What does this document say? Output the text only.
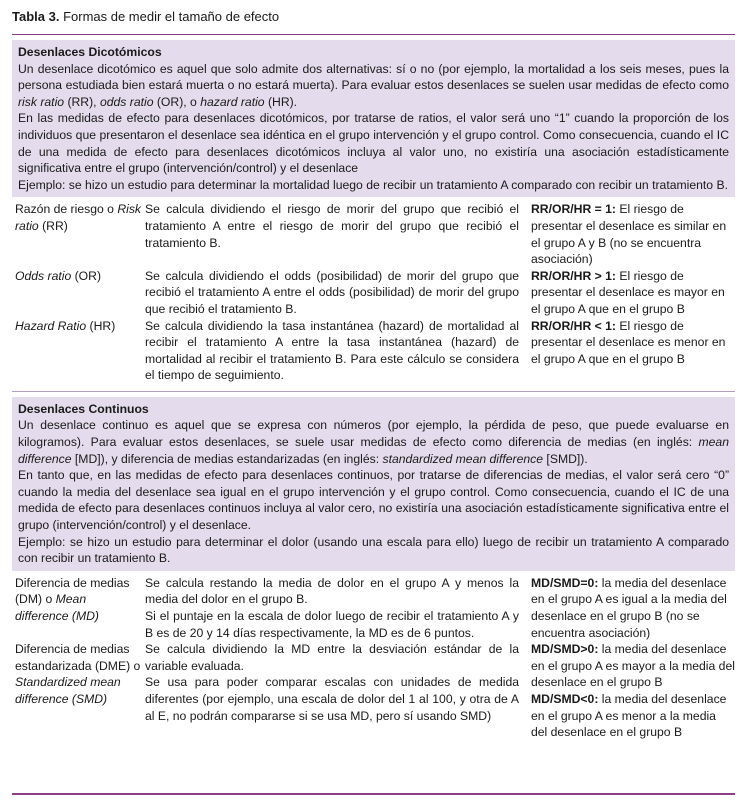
Tabla 3. Formas de medir el tamaño de efecto
Desenlaces Dicotómicos

Un desenlace dicotómico es aquel que solo admite dos alternativas: sí o no (por ejemplo, la mortalidad a los seis meses, pues la persona estudiada bien estará muerta o no estará muerta). Para evaluar estos desenlaces se suelen usar medidas de efecto como risk ratio (RR), odds ratio (OR), o hazard ratio (HR).

En las medidas de efecto para desenlaces dicotómicos, por tratarse de ratios, el valor será uno “1” cuando la proporción de los individuos que presentaron el desenlace sea idéntica en el grupo intervención y el grupo control. Como consecuencia, cuando el IC de una medida de efecto para desenlaces dicotómicos incluya al valor uno, no existiría una asociación estadísticamente significativa entre el grupo (intervención/control) y el desenlace

Ejemplo: se hizo un estudio para determinar la mortalidad luego de recibir un tratamiento A comparado con recibir un tratamiento B.

Razón de riesgo o Risk ratio (RR)
Se calcula dividiendo el riesgo de morir del grupo que recibió el tratamiento A entre el riesgo de morir del grupo que recibió el tratamiento B.
RR/OR/HR = 1: El riesgo de presentar el desenlace es similar en el grupo A y B (no se encuentra asociación)
Odds ratio (OR)	Se calcula dividiendo el odds (posibilidad) de morir del grupo que recibió el tratamiento A entre el odds (posibilidad) de morir del grupo que recibió el tratamiento B.
RR/OR/HR > 1: El riesgo de presentar el desenlace es mayor en el grupo A que en el grupo B
Hazard Ratio (HR)	Se calcula dividiendo la tasa instantánea (hazard) de mortalidad al recibir el tratamiento A entre la tasa instantánea (hazard) de mortalidad al recibir el tratamiento B. Para este cálculo se considera el tiempo de seguimiento.
RR/OR/HR < 1: El riesgo de presentar el desenlace es menor en el grupo A que en el grupo B
Desenlaces Continuos

Un desenlace continuo es aquel que se expresa con números (por ejemplo, la pérdida de peso, que puede evaluarse en kilogramos). Para evaluar estos desenlaces, se suele usar medidas de efecto como diferencia de medias (en inglés: mean difference [MD]), y diferencia de medias estandarizadas (en inglés: standardized mean difference [SMD]).

En tanto que, en las medidas de efecto para desenlaces continuos, por tratarse de diferencias de medias, el valor será cero “0” cuando la media del desenlace sea igual en el grupo intervención y el grupo control. Como consecuencia, cuando el IC de una medida de efecto para desenlaces continuos incluya al valor cero, no existiría una asociación estadísticamente significativa entre el grupo (intervención/control) y el desenlace.

Ejemplo: se hizo un estudio para determinar el dolor (usando una escala para ello) luego de recibir un tratamiento A comparado con recibir un tratamiento B.

Diferencia de medias (DM) o Mean difference (MD)
Se calcula restando la media de dolor en el grupo A y menos la media del dolor en el grupo B.
Si el puntaje en la escala de dolor luego de recibir el tratamiento A y B es de 20 y 14 días respectivamente, la MD es de 6 puntos.
MD/SMD=0: la media del desenlace en el grupo A es igual a la media del desenlace en el grupo B (no se encuentra asociación)
Diferencia de medias estandarizada (DME) o Standardized mean difference (SMD)
Se calcula dividiendo la MD entre la desviación estándar de la variable evaluada.
Se usa para poder comparar escalas con unidades de medida diferentes (por ejemplo, una escala de dolor del 1 al 100, y otra de A al E, no podrán compararse si se usa MD, pero sí usando SMD)
MD/SMD>0: la media del desenlace en el grupo A es mayor a la media del desenlace en el grupo B
MD/SMD<0: la media del desenlace en el grupo A es menor a la media del desenlace en el grupo B
